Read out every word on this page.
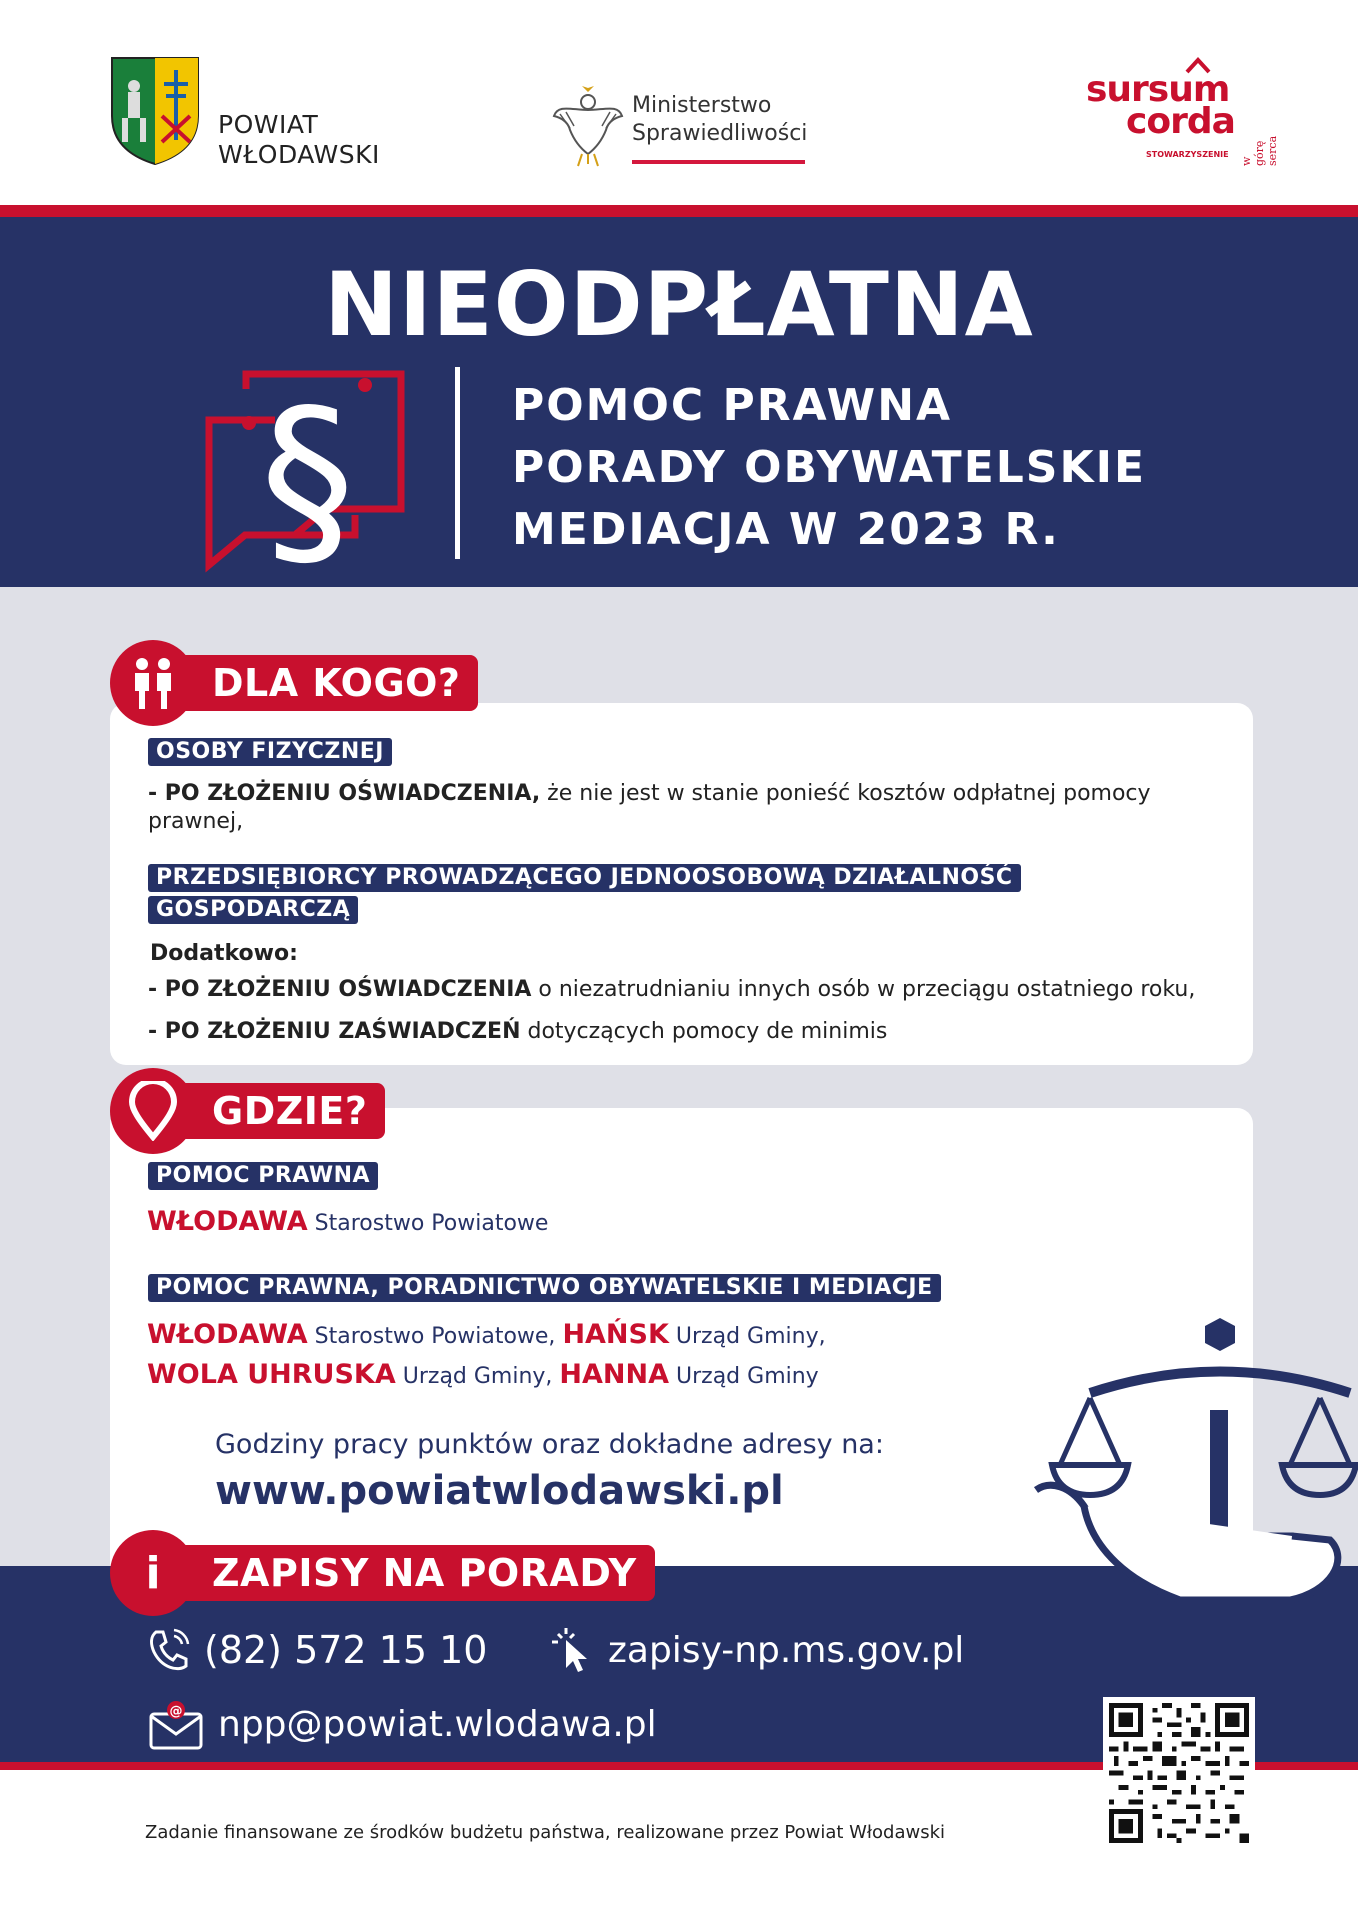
POWIAT
WŁODAWSKI
Ministerstwo
Sprawiedliwości
sursum
corda
STOWARZYSZENIE
w górę serca
NIEODPŁATNA
§	POMOC PRAWNA
PORADY OBYWATELSKIE
MEDIACJA W 2023 R.
DLA KOGO?
OSOBY FIZYCZNEJ
- PO ZŁOŻENIU OŚWIADCZENIA, że nie jest w stanie ponieść kosztów odpłatnej pomocy
prawnej,
PRZEDSIĘBIORCY PROWADZĄCEGO JEDNOOSOBOWĄ DZIAŁALNOŚĆ
GOSPODARCZĄ
Dodatkowo:
- PO ZŁOŻENIU OŚWIADCZENIA o niezatrudnianiu innych osób w przeciągu ostatniego roku,
- PO ZŁOŻENIU ZAŚWIADCZEŃ dotyczących pomocy de minimis
GDZIE?
POMOC PRAWNA
WŁODAWA Starostwo Powiatowe
POMOC PRAWNA, PORADNICTWO OBYWATELSKIE I MEDIACJE
WŁODAWA Starostwo Powiatowe, HAŃSK Urząd Gminy,
WOLA UHRUSKA Urząd Gminy, HANNA Urząd Gminy
Godziny pracy punktów oraz dokładne adresy na:
www.powiatwlodawski.pl
i	ZAPISY NA PORADY
(82) 572 15 10	zapisy-np.ms.gov.pl
@ npp@powiat.wlodawa.pl
Zadanie finansowane ze środków budżetu państwa, realizowane przez Powiat Włodawski
